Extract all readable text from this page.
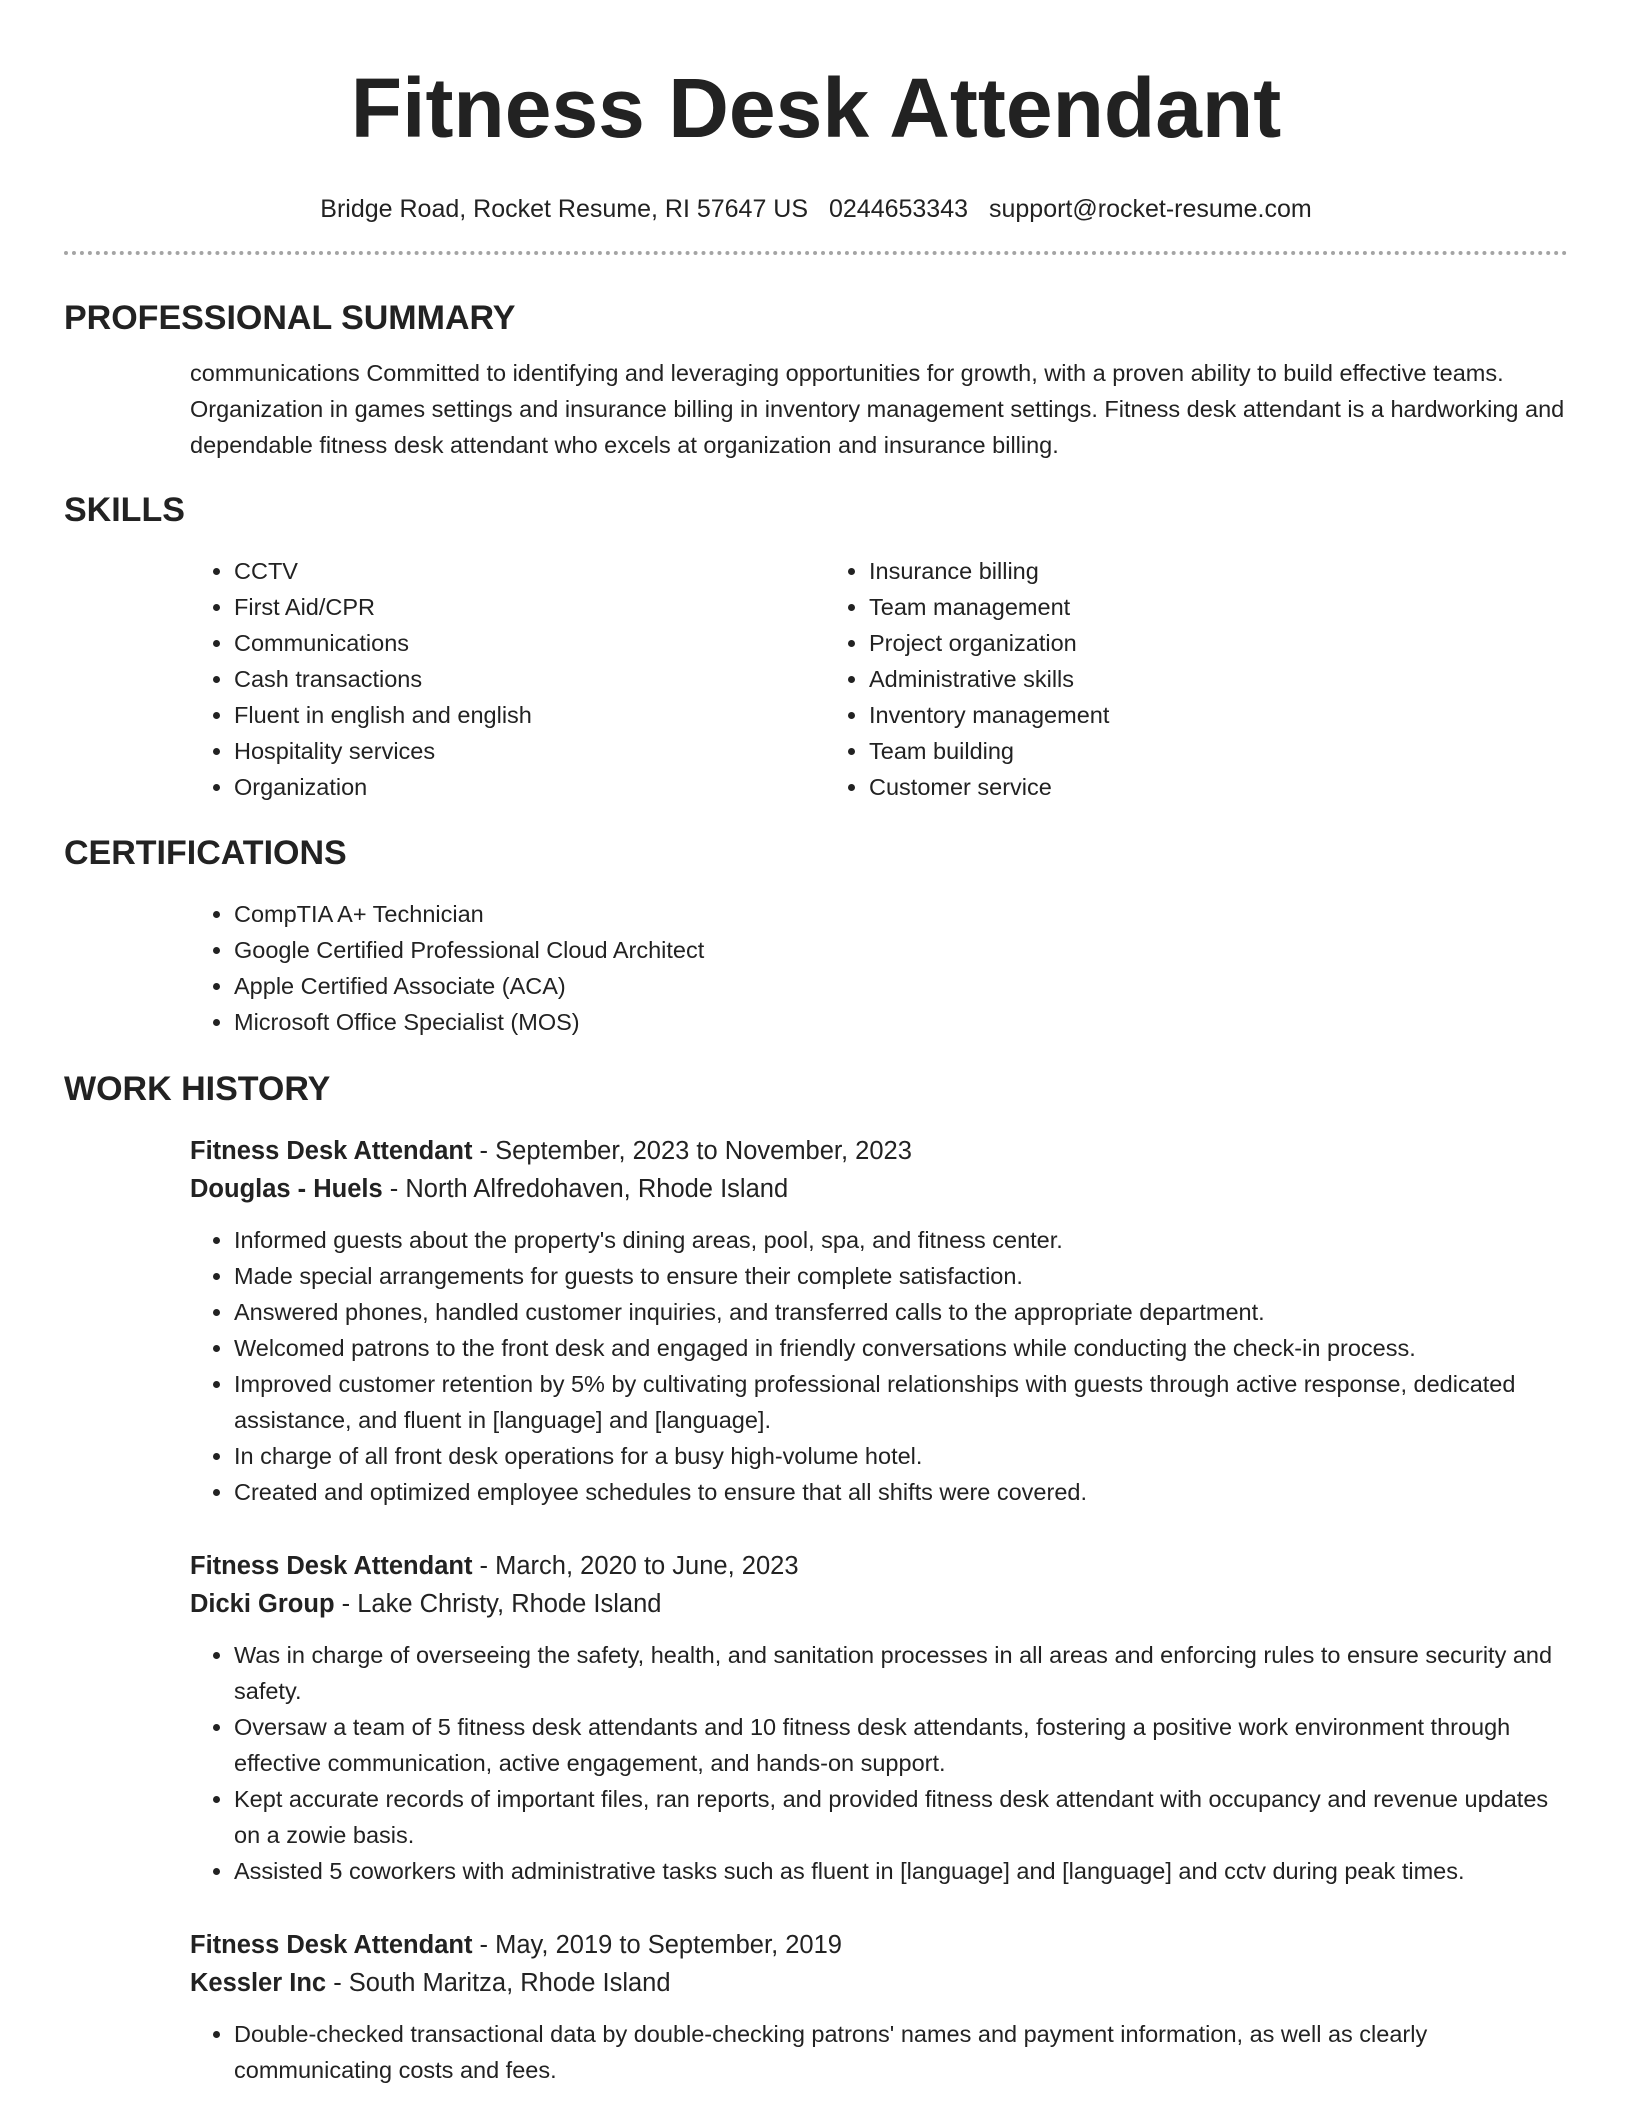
Fitness Desk Attendant
Bridge Road, Rocket Resume, RI 57647 US 0244653343 support@rocket-resume.com
PROFESSIONAL SUMMARY

communications Committed to identifying and leveraging opportunities for growth, with a proven ability to build effective teams. Organization in games settings and insurance billing in inventory management settings. Fitness desk attendant is a hardworking and dependable fitness desk attendant who excels at organization and insurance billing.

SKILLS
• CCTV
• First Aid/CPR
• Communications
• Cash transactions
• Fluent in english and english
• Hospitality services
• Organization
• Insurance billing
• Team management
• Project organization
• Administrative skills
• Inventory management
• Team building
• Customer service
CERTIFICATIONS
• CompTIA A+ Technician
• Google Certified Professional Cloud Architect
• Apple Certified Associate (ACA)
• Microsoft Office Specialist (MOS)
WORK HISTORY
Fitness Desk Attendant - September, 2023 to November, 2023
Douglas - Huels - North Alfredohaven, Rhode Island
• Informed guests about the property's dining areas, pool, spa, and fitness center.
• Made special arrangements for guests to ensure their complete satisfaction.
• Answered phones, handled customer inquiries, and transferred calls to the appropriate department.
• Welcomed patrons to the front desk and engaged in friendly conversations while conducting the check-in process.
• Improved customer retention by 5% by cultivating professional relationships with guests through active response, dedicated assistance, and fluent in [language] and [language].
• In charge of all front desk operations for a busy high-volume hotel.
• Created and optimized employee schedules to ensure that all shifts were covered.
Fitness Desk Attendant - March, 2020 to June, 2023
Dicki Group - Lake Christy, Rhode Island
• Was in charge of overseeing the safety, health, and sanitation processes in all areas and enforcing rules to ensure security and safety.
• Oversaw a team of 5 fitness desk attendants and 10 fitness desk attendants, fostering a positive work environment through effective communication, active engagement, and hands-on support.
• Kept accurate records of important files, ran reports, and provided fitness desk attendant with occupancy and revenue updates on a zowie basis.
• Assisted 5 coworkers with administrative tasks such as fluent in [language] and [language] and cctv during peak times.
Fitness Desk Attendant - May, 2019 to September, 2019
Kessler Inc - South Maritza, Rhode Island
• Double-checked transactional data by double-checking patrons' names and payment information, as well as clearly communicating costs and fees.
